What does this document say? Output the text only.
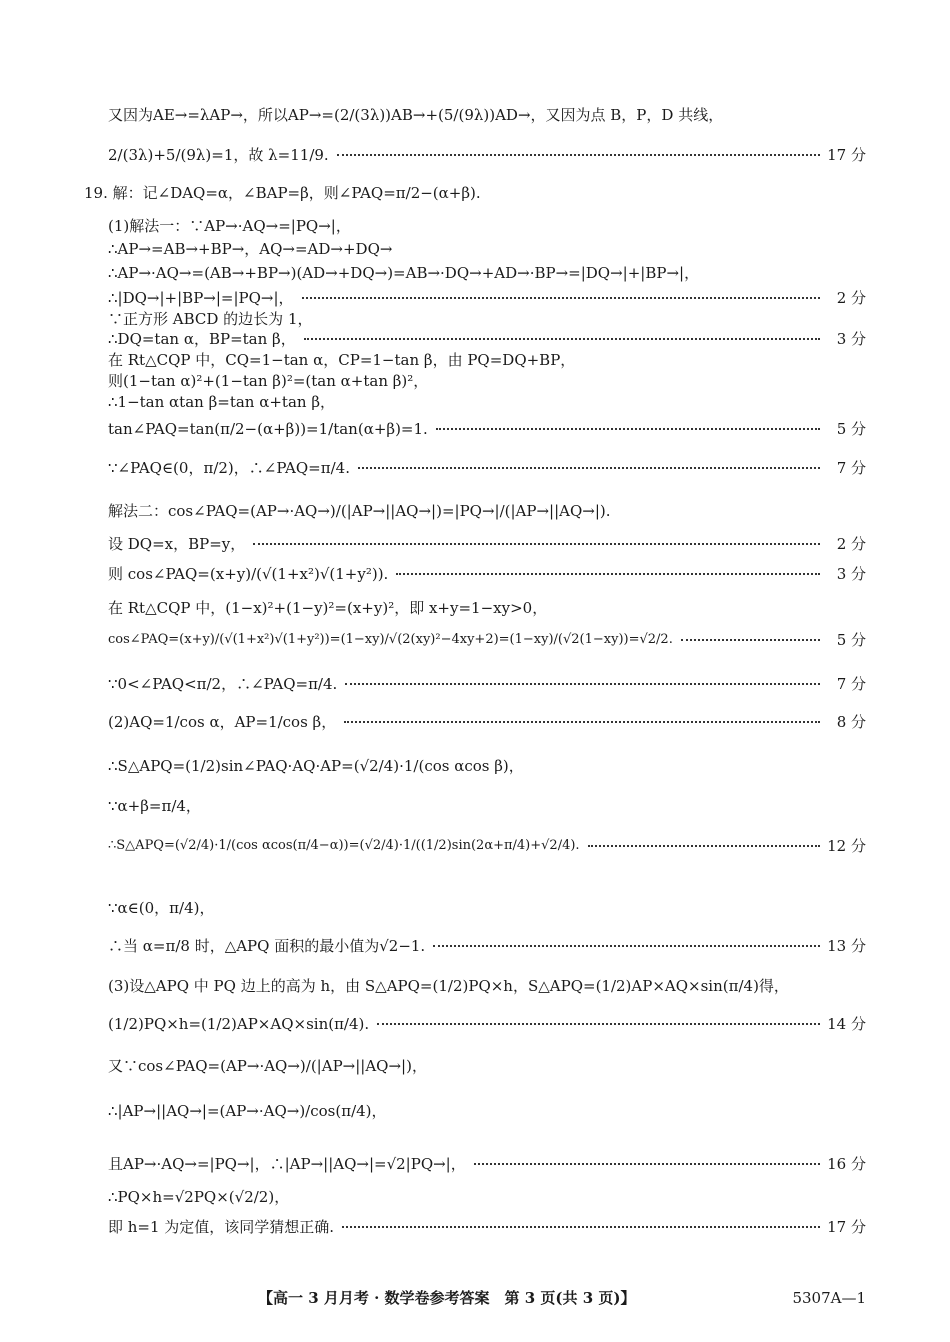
又因为AE→=λAP→，所以AP→=(2/(3λ))AB→+(5/(9λ))AD→，又因为点 B，P，D 共线，
2/(3λ)+5/(9λ)=1，故 λ=11/9.	17 分
19. 解：记∠DAQ=α，∠BAP=β，则∠PAQ=π/2−(α+β).
(1)解法一：∵AP→·AQ→=|PQ→|，
∴AP→=AB→+BP→，AQ→=AD→+DQ→
∴AP→·AQ→=(AB→+BP→)(AD→+DQ→)=AB→·DQ→+AD→·BP→=|DQ→|+|BP→|，
∴|DQ→|+|BP→|=|PQ→|，	2 分
∵正方形 ABCD 的边长为 1，
∴DQ=tan α，BP=tan β，	3 分
在 Rt△CQP 中，CQ=1−tan α，CP=1−tan β，由 PQ=DQ+BP，
则(1−tan α)²+(1−tan β)²=(tan α+tan β)²，
∴1−tan αtan β=tan α+tan β，
tan∠PAQ=tan(π/2−(α+β))=1/tan(α+β)=1.	5 分
∵∠PAQ∈(0，π/2)，∴∠PAQ=π/4.	7 分
解法二：cos∠PAQ=(AP→·AQ→)/(|AP→||AQ→|)=|PQ→|/(|AP→||AQ→|).
设 DQ=x，BP=y，	2 分
则 cos∠PAQ=(x+y)/(√(1+x²)√(1+y²)).	3 分
在 Rt△CQP 中，(1−x)²+(1−y)²=(x+y)²，即 x+y=1−xy>0，
cos∠PAQ=(x+y)/(√(1+x²)√(1+y²))=(1−xy)/√(2(xy)²−4xy+2)=(1−xy)/(√2(1−xy))=√2/2.	5 分
∵0<∠PAQ<π/2，∴∠PAQ=π/4.	7 分
(2)AQ=1/cos α，AP=1/cos β，	8 分
∴S△APQ=(1/2)sin∠PAQ·AQ·AP=(√2/4)·1/(cos αcos β)，
∵α+β=π/4，
∴S△APQ=(√2/4)·1/(cos αcos(π/4−α))=(√2/4)·1/((1/2)sin(2α+π/4)+√2/4).	12 分
∵α∈(0，π/4)，
∴当 α=π/8 时，△APQ 面积的最小值为√2−1.	13 分
(3)设△APQ 中 PQ 边上的高为 h，由 S△APQ=(1/2)PQ×h，S△APQ=(1/2)AP×AQ×sin(π/4)得，
(1/2)PQ×h=(1/2)AP×AQ×sin(π/4).	14 分
又∵cos∠PAQ=(AP→·AQ→)/(|AP→||AQ→|)，
∴|AP→||AQ→|=(AP→·AQ→)/cos(π/4)，
且AP→·AQ→=|PQ→|，∴|AP→||AQ→|=√2|PQ→|，	16 分
∴PQ×h=√2PQ×(√2/2)，
即 h=1 为定值，该同学猜想正确.	17 分
【高一 3 月月考 · 数学卷参考答案　第 3 页(共 3 页)】	5307A—1
